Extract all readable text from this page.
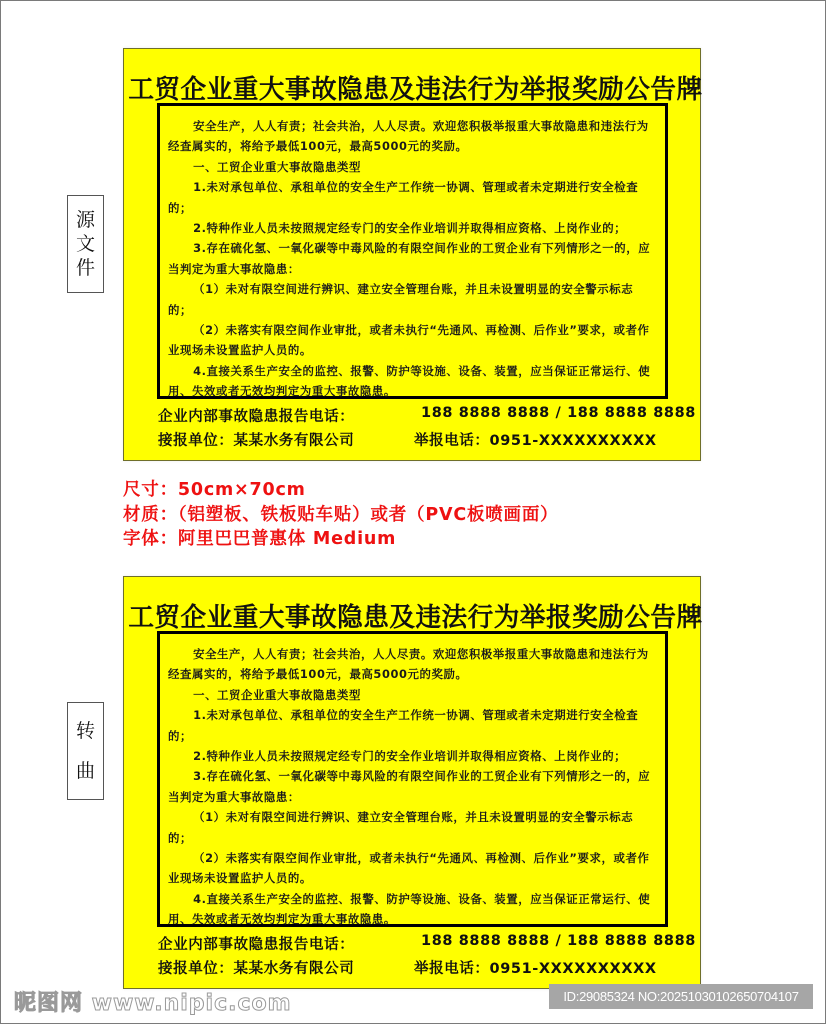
源
文
件
工贸企业重大事故隐患及违法行为举报奖励公告牌

安全生产，人人有责；社会共治，人人尽责。欢迎您积极举报重大事故隐患和违法行为经查属实的，将给予最低100元，最高5000元的奖励。

一、工贸企业重大事故隐患类型

1.未对承包单位、承租单位的安全生产工作统一协调、管理或者未定期进行安全检查的；

2.特种作业人员未按照规定经专门的安全作业培训并取得相应资格、上岗作业的；

3.存在硫化氢、一氧化碳等中毒风险的有限空间作业的工贸企业有下列情形之一的，应当判定为重大事故隐患：

（1）未对有限空间进行辨识、建立安全管理台账，并且未设置明显的安全警示标志的；

（2）未落实有限空间作业审批，或者未执行“先通风、再检测、后作业”要求，或者作业现场未设置监护人员的。

4.直接关系生产安全的监控、报警、防护等设施、设备、装置，应当保证正常运行、使用、失效或者无效均判定为重大事故隐患。

企业内部事故隐患报告电话：	188 8888 8888 / 188 8888 8888
接报单位：某某水务有限公司	举报电话：0951-XXXXXXXXXX
尺寸：50cm×70cm
材质：（铝塑板、铁板贴车贴）或者（PVC板喷画面）
字体：阿里巴巴普惠体 Medium
转
曲
工贸企业重大事故隐患及违法行为举报奖励公告牌

安全生产，人人有责；社会共治，人人尽责。欢迎您积极举报重大事故隐患和违法行为经查属实的，将给予最低100元，最高5000元的奖励。

一、工贸企业重大事故隐患类型

1.未对承包单位、承租单位的安全生产工作统一协调、管理或者未定期进行安全检查的；

2.特种作业人员未按照规定经专门的安全作业培训并取得相应资格、上岗作业的；

3.存在硫化氢、一氧化碳等中毒风险的有限空间作业的工贸企业有下列情形之一的，应当判定为重大事故隐患：

（1）未对有限空间进行辨识、建立安全管理台账，并且未设置明显的安全警示标志的；

（2）未落实有限空间作业审批，或者未执行“先通风、再检测、后作业”要求，或者作业现场未设置监护人员的。

4.直接关系生产安全的监控、报警、防护等设施、设备、装置，应当保证正常运行、使用、失效或者无效均判定为重大事故隐患。

企业内部事故隐患报告电话：	188 8888 8888 / 188 8888 8888
接报单位：某某水务有限公司	举报电话：0951-XXXXXXXXXX
昵图网 www.nipic.com	ID:29085324 NO:20251030102650704107
